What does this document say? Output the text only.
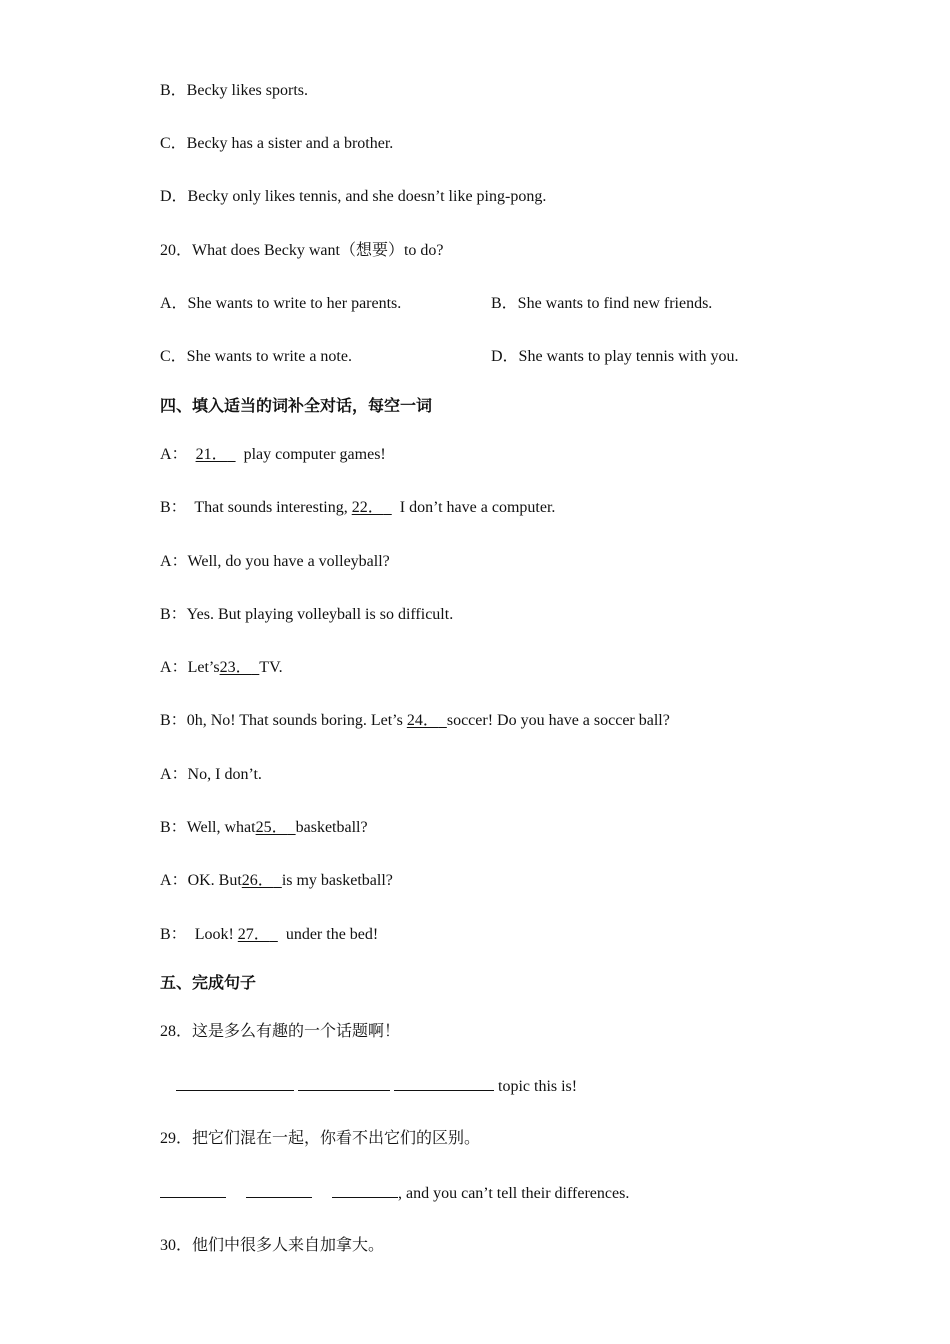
B．Becky likes sports.
C．Becky has a sister and a brother.
D．Becky only likes tennis, and she doesn’t like ping-pong.
20．What does Becky want（想要）to do?
A．She wants to write to her parents.	B．She wants to find new friends.
C．She wants to write a note.	D．She wants to play tennis with you.
四、填入适当的词补全对话，每空一词
A： 21．    play computer games!
B：  That sounds interesting, 22．    I don’t have a computer.
A：Well, do you have a volleyball?
B：Yes. But playing volleyball is so difficult.
A：Let’s23． TV.
B：0h, No! That sounds boring. Let’s 24． soccer! Do you have a soccer ball?
A：No, I don’t.
B：Well, what25． basketball?
A：OK. But26． is my basketball?
B：  Look! 27．    under the bed!
五、完成句子
28．这是多么有趣的一个话题啊！
topic this is!
29．把它们混在一起，你看不出它们的区别。
, and you can’t tell their differences.
30．他们中很多人来自加拿大。
